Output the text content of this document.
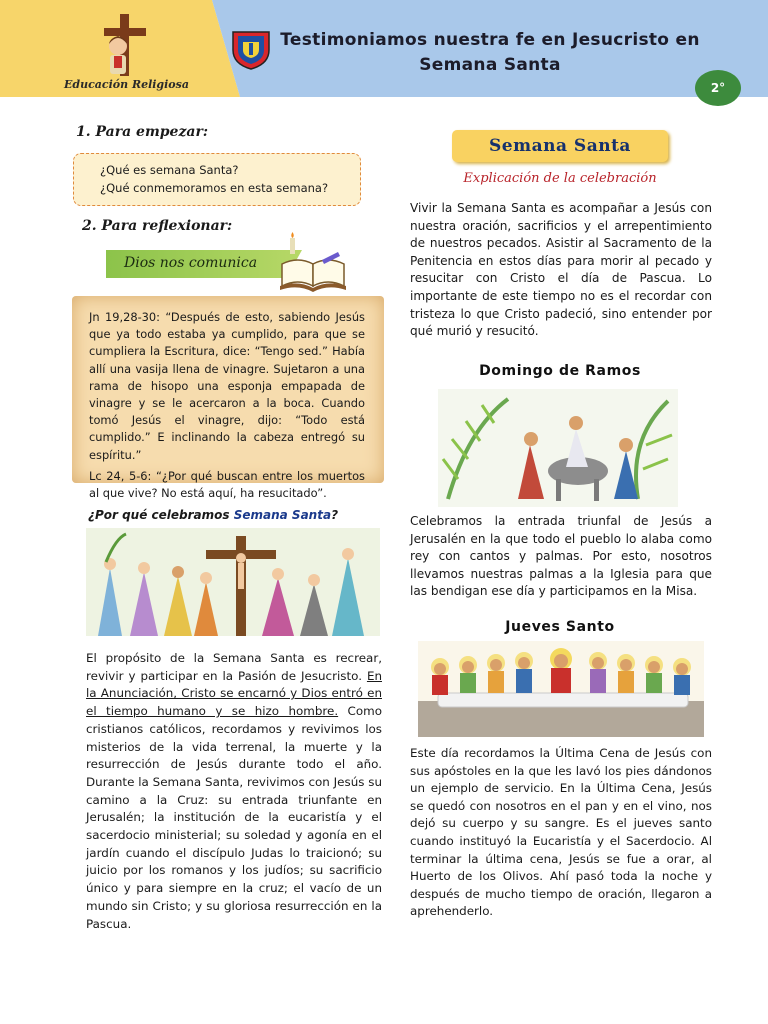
Educación Religiosa
Testimoniamos nuestra fe en Jesucristo en
Semana Santa
2°
1. Para empezar:
¿Qué es semana Santa?
¿Qué conmemoramos en esta semana?
2. Para reflexionar:
Dios nos comunica

Jn 19,28-30: “Después de esto, sabiendo Jesús que ya todo estaba ya cumplido, para que se cumpliera la Escritura, dice: “Tengo sed.” Había allí una vasija llena de vinagre. Sujetaron a una rama de hisopo una esponja empapada de vinagre y se le acercaron a la boca. Cuando tomó Jesús el vinagre, dijo: “Todo está cumplido.” E inclinando la cabeza entregó su espíritu.”

Lc 24, 5-6: “¿Por qué buscan entre los muertos al que vive? No está aquí, ha resucitado”.

¿Por qué celebramos Semana Santa?
El propósito de la Semana Santa es recrear, revivir y participar en la Pasión de Jesucristo. En la Anunciación, Cristo se encarnó y Dios entró en el tiempo humano y se hizo hombre. Como cristianos católicos, recordamos y revivimos los misterios de la vida terrenal, la muerte y la resurrección de Jesús durante todo el año. Durante la Semana Santa, revivimos con Jesús su camino a la Cruz: su entrada triunfante en Jerusalén; la institución de la eucaristía y el sacerdocio ministerial; su soledad y agonía en el jardín cuando el discípulo Judas lo traicionó; su juicio por los romanos y los judíos; su sacrificio único y para siempre en la cruz; el vacío de un mundo sin Cristo; y su gloriosa resurrección en la Pascua.
Semana Santa
Explicación de la celebración
Vivir la Semana Santa es acompañar a Jesús con nuestra oración, sacrificios y el arrepentimiento de nuestros pecados. Asistir al Sacramento de la Penitencia en estos días para morir al pecado y resucitar con Cristo el día de Pascua. Lo importante de este tiempo no es el recordar con tristeza lo que Cristo padeció, sino entender por qué murió y resucitó.
Domingo de Ramos
Celebramos la entrada triunfal de Jesús a Jerusalén en la que todo el pueblo lo alaba como rey con cantos y palmas. Por esto, nosotros llevamos nuestras palmas a la Iglesia para que las bendigan ese día y participamos en la Misa.
Jueves Santo
Este día recordamos la Última Cena de Jesús con sus apóstoles en la que les lavó los pies dándonos un ejemplo de servicio. En la Última Cena, Jesús se quedó con nosotros en el pan y en el vino, nos dejó su cuerpo y su sangre. Es el jueves santo cuando instituyó la Eucaristía y el Sacerdocio. Al terminar la última cena, Jesús se fue a orar, al Huerto de los Olivos. Ahí pasó toda la noche y después de mucho tiempo de oración, llegaron a aprehenderlo.
